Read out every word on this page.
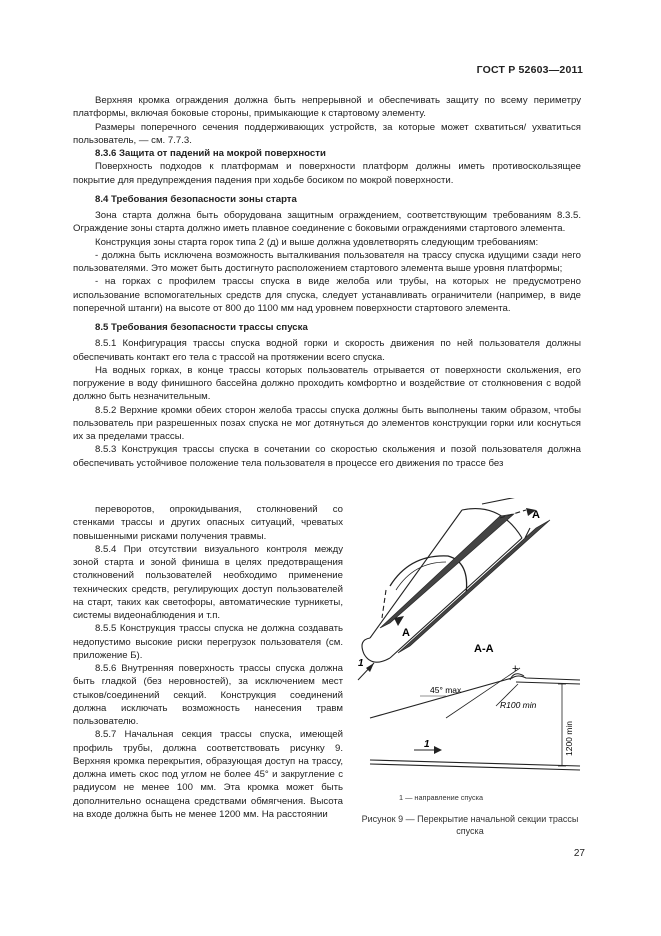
ГОСТ Р 52603—2011

Верхняя кромка ограждения должна быть непрерывной и обеспечивать защиту по всему периметру платформы, включая боковые стороны, примыкающие к стартовому элементу.

Размеры поперечного сечения поддерживающих устройств, за которые может схватиться/ ухватиться пользователь, — см. 7.7.3.

8.3.6 Защита от падений на мокрой поверхности

Поверхность подходов к платформам и поверхности платформ должны иметь противоскользящее покрытие для предупреждения падения при ходьбе босиком по мокрой поверхности.

8.4 Требования безопасности зоны старта

Зона старта должна быть оборудована защитным ограждением, соответствующим требованиям 8.3.5. Ограждение зоны старта должно иметь плавное соединение с боковыми ограждениями стартового элемента.

Конструкция зоны старта горок типа 2 (д) и выше должна удовлетворять следующим требованиям:

- должна быть исключена возможность выталкивания пользователя на трассу спуска идущими сзади него пользователями. Это может быть достигнуто расположением стартового элемента выше уровня платформы;

- на горках с профилем трассы спуска в виде желоба или трубы, на которых не предусмотрено использование вспомогательных средств для спуска, следует устанавливать ограничители (например, в виде поперечной штанги) на высоте от 800 до 1100 мм над уровнем поверхности стартового элемента.

8.5 Требования безопасности трассы спуска

8.5.1 Конфигурация трассы спуска водной горки и скорость движения по ней пользователя должны обеспечивать контакт его тела с трассой на протяжении всего спуска.

На водных горках, в конце трассы которых пользователь отрывается от поверхности скольжения, его погружение в воду финишного бассейна должно проходить комфортно и воздействие от столкновения с водой должно быть незначительным.

8.5.2 Верхние кромки обеих сторон желоба трассы спуска должны быть выполнены таким образом, чтобы пользователь при разрешенных позах спуска не мог дотянуться до элементов конструкции горки или коснуться их за пределами трассы.

8.5.3 Конструкция трассы спуска в сочетании со скоростью скольжения и позой пользователя должна обеспечивать устойчивое положение тела пользователя в процессе его движения по трассе без

переворотов, опрокидывания, столкновений со стенками трассы и других опасных ситуаций, чреватых повышенными рисками получения травмы.

8.5.4 При отсутствии визуального контроля между зоной старта и зоной финиша в целях предотвращения столкновений пользователей необходимо применение технических средств, регулирующих доступ пользователей на старт, таких как светофоры, автоматические турникеты, системы видеонаблюдения и т.п.

8.5.5 Конструкция трассы спуска не должна создавать недопустимо высокие риски перегрузок пользователя (см. приложение Б).

8.5.6 Внутренняя поверхность трассы спуска должна быть гладкой (без неровностей), за исключением мест стыков/соединений секций. Конструкция соединений должна исключать возможность нанесения травм пользователю.

8.5.7 Начальная секция трассы спуска, имеющей профиль трубы, должна соответствовать рисунку 9. Верхняя кромка перекрытия, образующая доступ на трассу, должна иметь скос под углом не более 45° и закругление с радиусом не менее 100 мм. Эта кромка может быть дополнительно оснащена средствами обмягчения. Высота на входе должна быть не менее 1200 мм. На расстоянии

A
A
A-A
1
45° max
+
R100 min
1200 min
1
1 — направление спуска
Рисунок 9 — Перекрытие начальной секции трассы спуска
27
